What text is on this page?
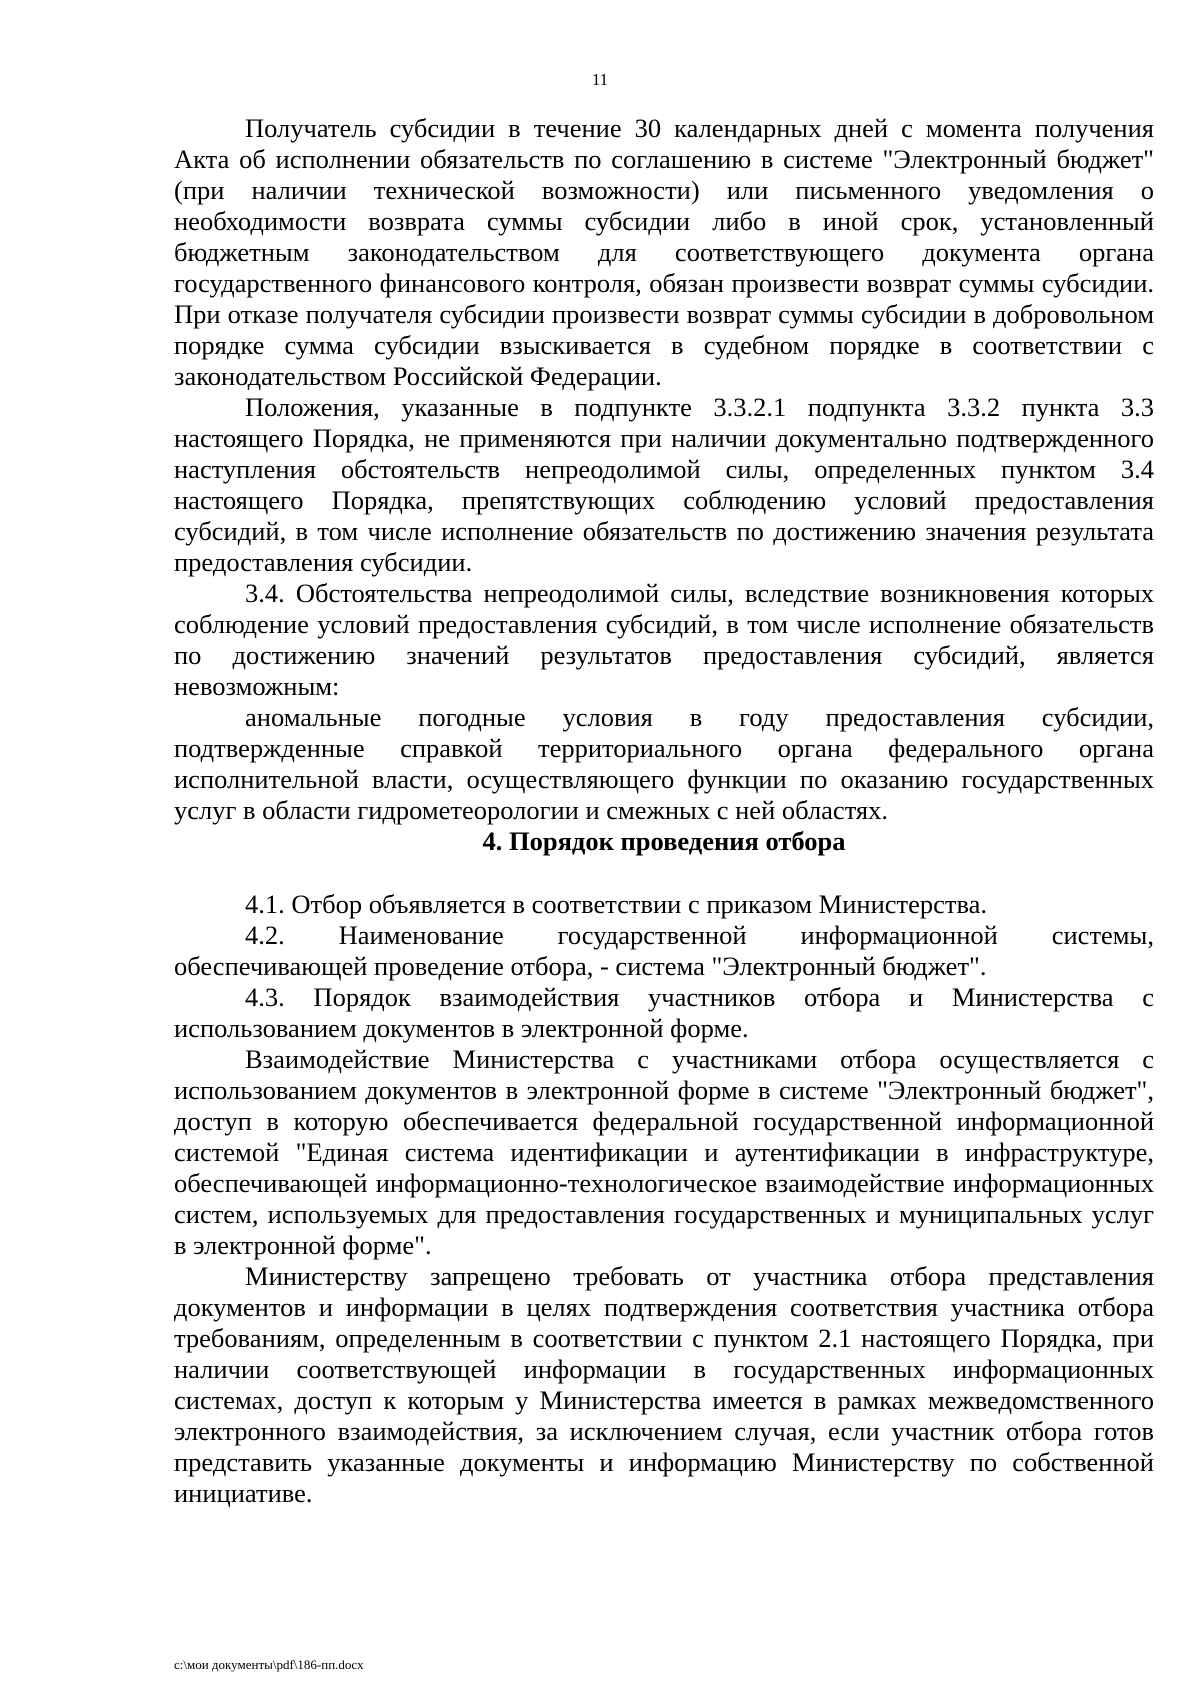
11

Получатель субсидии в течение 30 календарных дней с момента получения Акта об исполнении обязательств по соглашению в системе "Электронный бюджет" (при наличии технической возможности) или письменного уведомления о необходимости возврата суммы субсидии либо в иной срок, установленный бюджетным законодательством для соответствующего документа органа государственного финансового контроля, обязан произвести возврат суммы субсидии. При отказе получателя субсидии произвести возврат суммы субсидии в добровольном порядке сумма субсидии взыскивается в судебном порядке в соответствии с законодательством Российской Федерации.

Положения, указанные в подпункте 3.3.2.1 подпункта 3.3.2 пункта 3.3 настоящего Порядка, не применяются при наличии документально подтвержденного наступления обстоятельств непреодолимой силы, определенных пунктом 3.4 настоящего Порядка, препятствующих соблюдению условий предоставления субсидий, в том числе исполнение обязательств по достижению значения результата предоставления субсидии.

3.4. Обстоятельства непреодолимой силы, вследствие возникновения которых соблюдение условий предоставления субсидий, в том числе исполнение обязательств по достижению значений результатов предоставления субсидий, является невозможным:

аномальные погодные условия в году предоставления субсидии, подтвержденные справкой территориального органа федерального органа исполнительной власти, осуществляющего функции по оказанию государственных услуг в области гидрометеорологии и смежных с ней областях.

4. Порядок проведения отбора

4.1. Отбор объявляется в соответствии с приказом Министерства.

4.2. Наименование государственной информационной системы, обеспечивающей проведение отбора, - система "Электронный бюджет".

4.3. Порядок взаимодействия участников отбора и Министерства с использованием документов в электронной форме.

Взаимодействие Министерства с участниками отбора осуществляется с использованием документов в электронной форме в системе "Электронный бюджет", доступ в которую обеспечивается федеральной государственной информационной системой "Единая система идентификации и аутентификации в инфраструктуре, обеспечивающей информационно-технологическое взаимодействие информационных систем, используемых для предоставления государственных и муниципальных услуг в электронной форме".

Министерству запрещено требовать от участника отбора представления документов и информации в целях подтверждения соответствия участника отбора требованиям, определенным в соответствии с пунктом 2.1 настоящего Порядка, при наличии соответствующей информации в государственных информационных системах, доступ к которым у Министерства имеется в рамках межведомственного электронного взаимодействия, за исключением случая, если участник отбора готов представить указанные документы и информацию Министерству по собственной инициативе.

c:\мои документы\pdf\186-пп.docx
